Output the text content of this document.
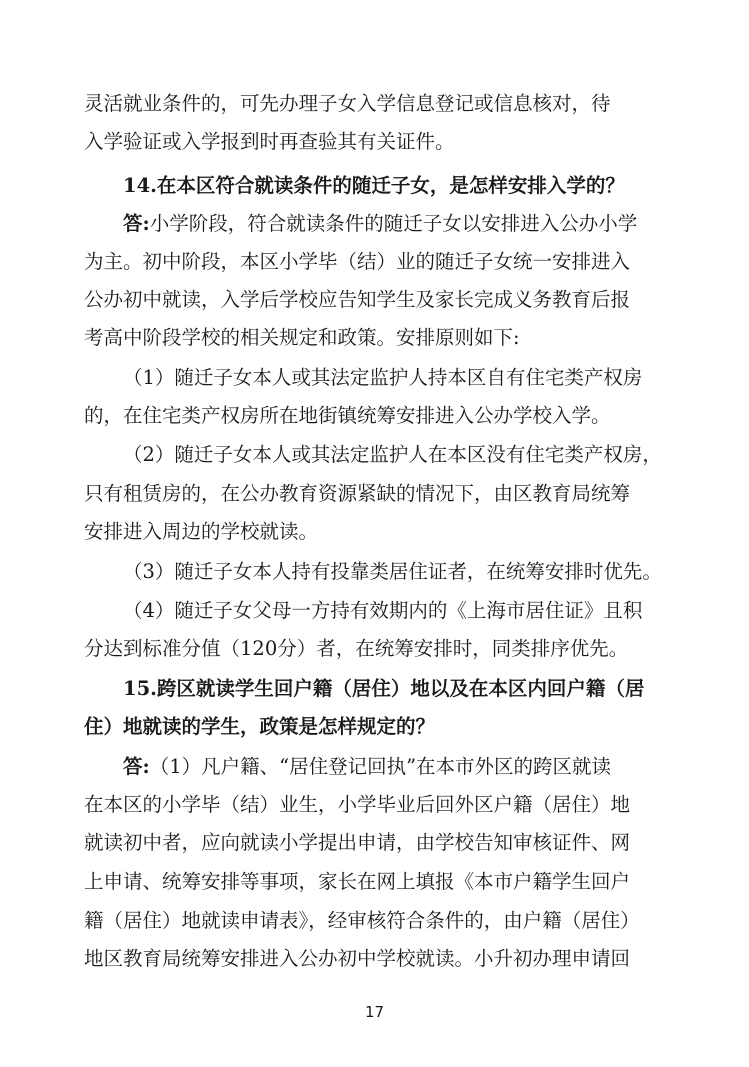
灵活就业条件的，可先办理子女入学信息登记或信息核对，待
入学验证或入学报到时再查验其有关证件。
14.在本区符合就读条件的随迁子女，是怎样安排入学的？
答:小学阶段，符合就读条件的随迁子女以安排进入公办小学
为主。初中阶段，本区小学毕（结）业的随迁子女统一安排进入
公办初中就读，入学后学校应告知学生及家长完成义务教育后报
考高中阶段学校的相关规定和政策。安排原则如下:
（1）随迁子女本人或其法定监护人持本区自有住宅类产权房
的，在住宅类产权房所在地街镇统筹安排进入公办学校入学。
（2）随迁子女本人或其法定监护人在本区没有住宅类产权房，
只有租赁房的，在公办教育资源紧缺的情况下，由区教育局统筹
安排进入周边的学校就读。
（3）随迁子女本人持有投靠类居住证者，在统筹安排时优先。
（4）随迁子女父母一方持有效期内的《上海市居住证》且积
分达到标准分值（120分）者，在统筹安排时，同类排序优先。
15.跨区就读学生回户籍（居住）地以及在本区内回户籍（居
住）地就读的学生，政策是怎样规定的？
答:（1）凡户籍、“居住登记回执”在本市外区的跨区就读
在本区的小学毕（结）业生，小学毕业后回外区户籍（居住）地
就读初中者，应向就读小学提出申请，由学校告知审核证件、网
上申请、统筹安排等事项，家长在网上填报《本市户籍学生回户
籍（居住）地就读申请表》，经审核符合条件的，由户籍（居住）
地区教育局统筹安排进入公办初中学校就读。小升初办理申请回
17
